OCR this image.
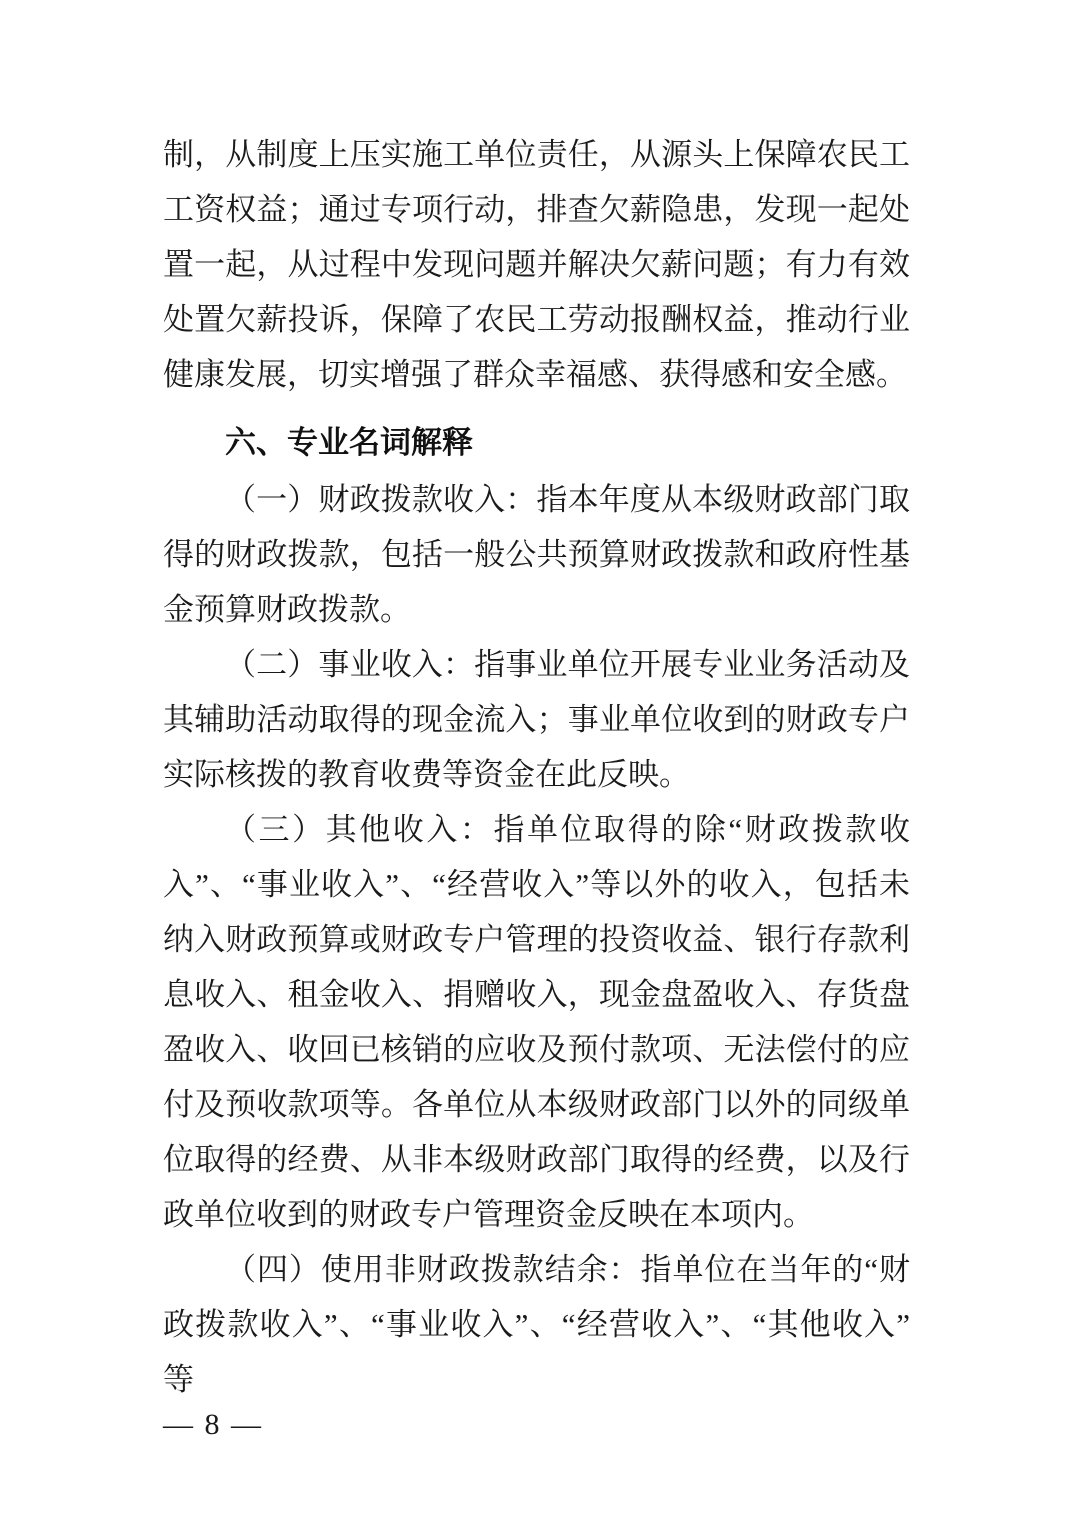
制，从制度上压实施工单位责任，从源头上保障农民工工资权益；通过专项行动，排查欠薪隐患，发现一起处置一起，从过程中发现问题并解决欠薪问题；有力有效处置欠薪投诉，保障了农民工劳动报酬权益，推动行业健康发展，切实增强了群众幸福感、获得感和安全感。

六、专业名词解释

（一）财政拨款收入：指本年度从本级财政部门取得的财政拨款，包括一般公共预算财政拨款和政府性基金预算财政拨款。

（二）事业收入：指事业单位开展专业业务活动及其辅助活动取得的现金流入；事业单位收到的财政专户实际核拨的教育收费等资金在此反映。

（三）其他收入：指单位取得的除“财政拨款收入”、“事业收入”、“经营收入”等以外的收入，包括未纳入财政预算或财政专户管理的投资收益、银行存款利息收入、租金收入、捐赠收入，现金盘盈收入、存货盘盈收入、收回已核销的应收及预付款项、无法偿付的应付及预收款项等。各单位从本级财政部门以外的同级单位取得的经费、从非本级财政部门取得的经费，以及行政单位收到的财政专户管理资金反映在本项内。

（四）使用非财政拨款结余：指单位在当年的“财政拨款收入”、“事业收入”、“经营收入”、“其他收入”等

— 8 —
